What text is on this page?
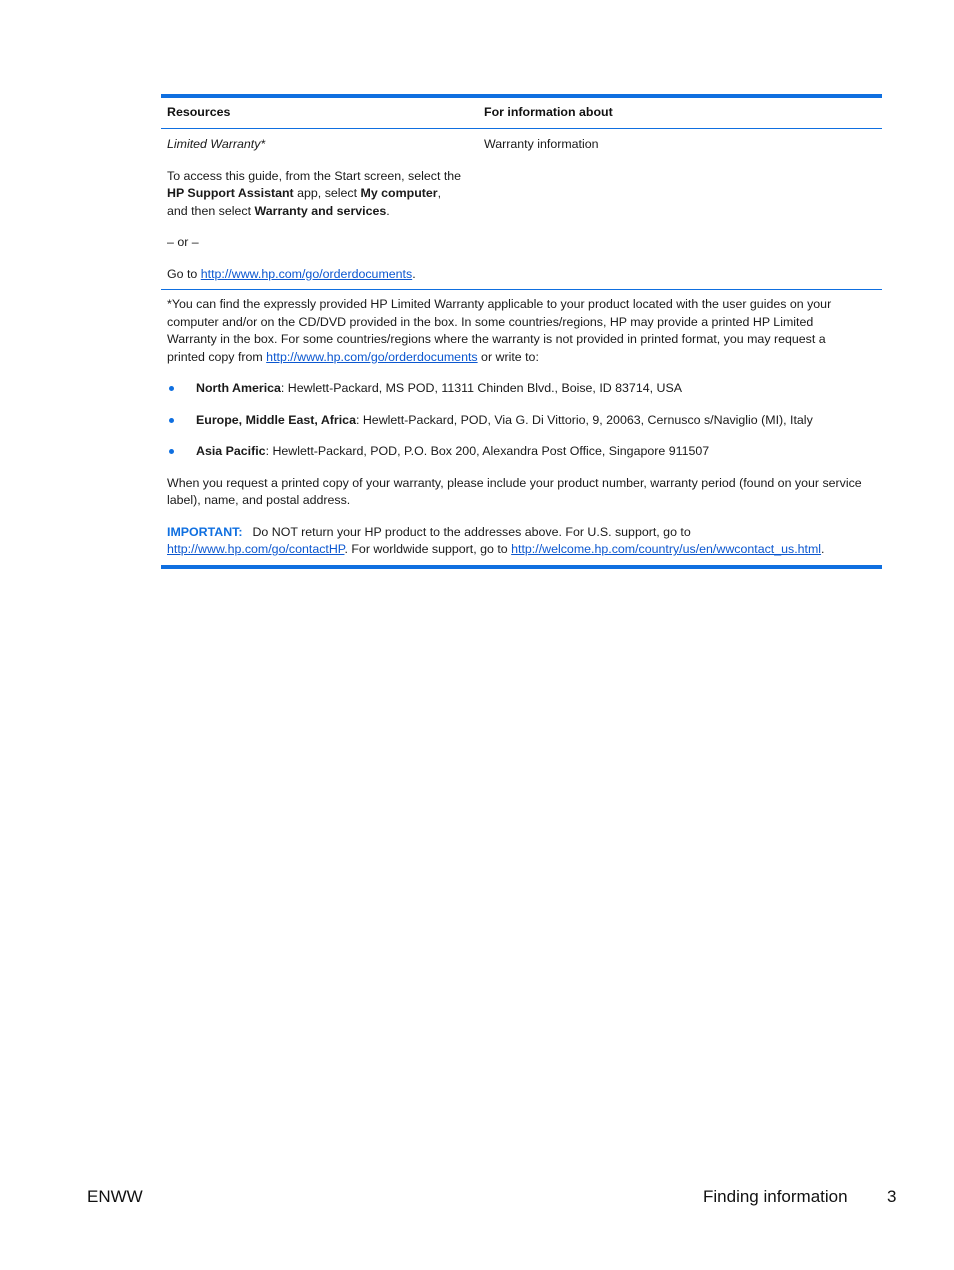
Resources	For information about

Limited Warranty*

To access this guide, from the Start screen, select the
HP Support Assistant app, select My computer,
and then select Warranty and services.

– or –

Go to http://www.hp.com/go/orderdocuments.

Warranty information

*You can find the expressly provided HP Limited Warranty applicable to your product located with the user guides on your computer and/or on the CD/DVD provided in the box. In some countries/regions, HP may provide a printed HP Limited Warranty in the box. For some countries/regions where the warranty is not provided in printed format, you may request a printed copy from http://www.hp.com/go/orderdocuments or write to:

North America: Hewlett-Packard, MS POD, 11311 Chinden Blvd., Boise, ID 83714, USA
Europe, Middle East, Africa: Hewlett-Packard, POD, Via G. Di Vittorio, 9, 20063, Cernusco s/Naviglio (MI), Italy
Asia Pacific: Hewlett-Packard, POD, P.O. Box 200, Alexandra Post Office, Singapore 911507

When you request a printed copy of your warranty, please include your product number, warranty period (found on your service label), name, and postal address.

IMPORTANT: Do NOT return your HP product to the addresses above. For U.S. support, go to http://www.hp.com/go/contactHP. For worldwide support, go to http://welcome.hp.com/country/us/en/wwcontact_us.html.

ENWW	Finding information 3
